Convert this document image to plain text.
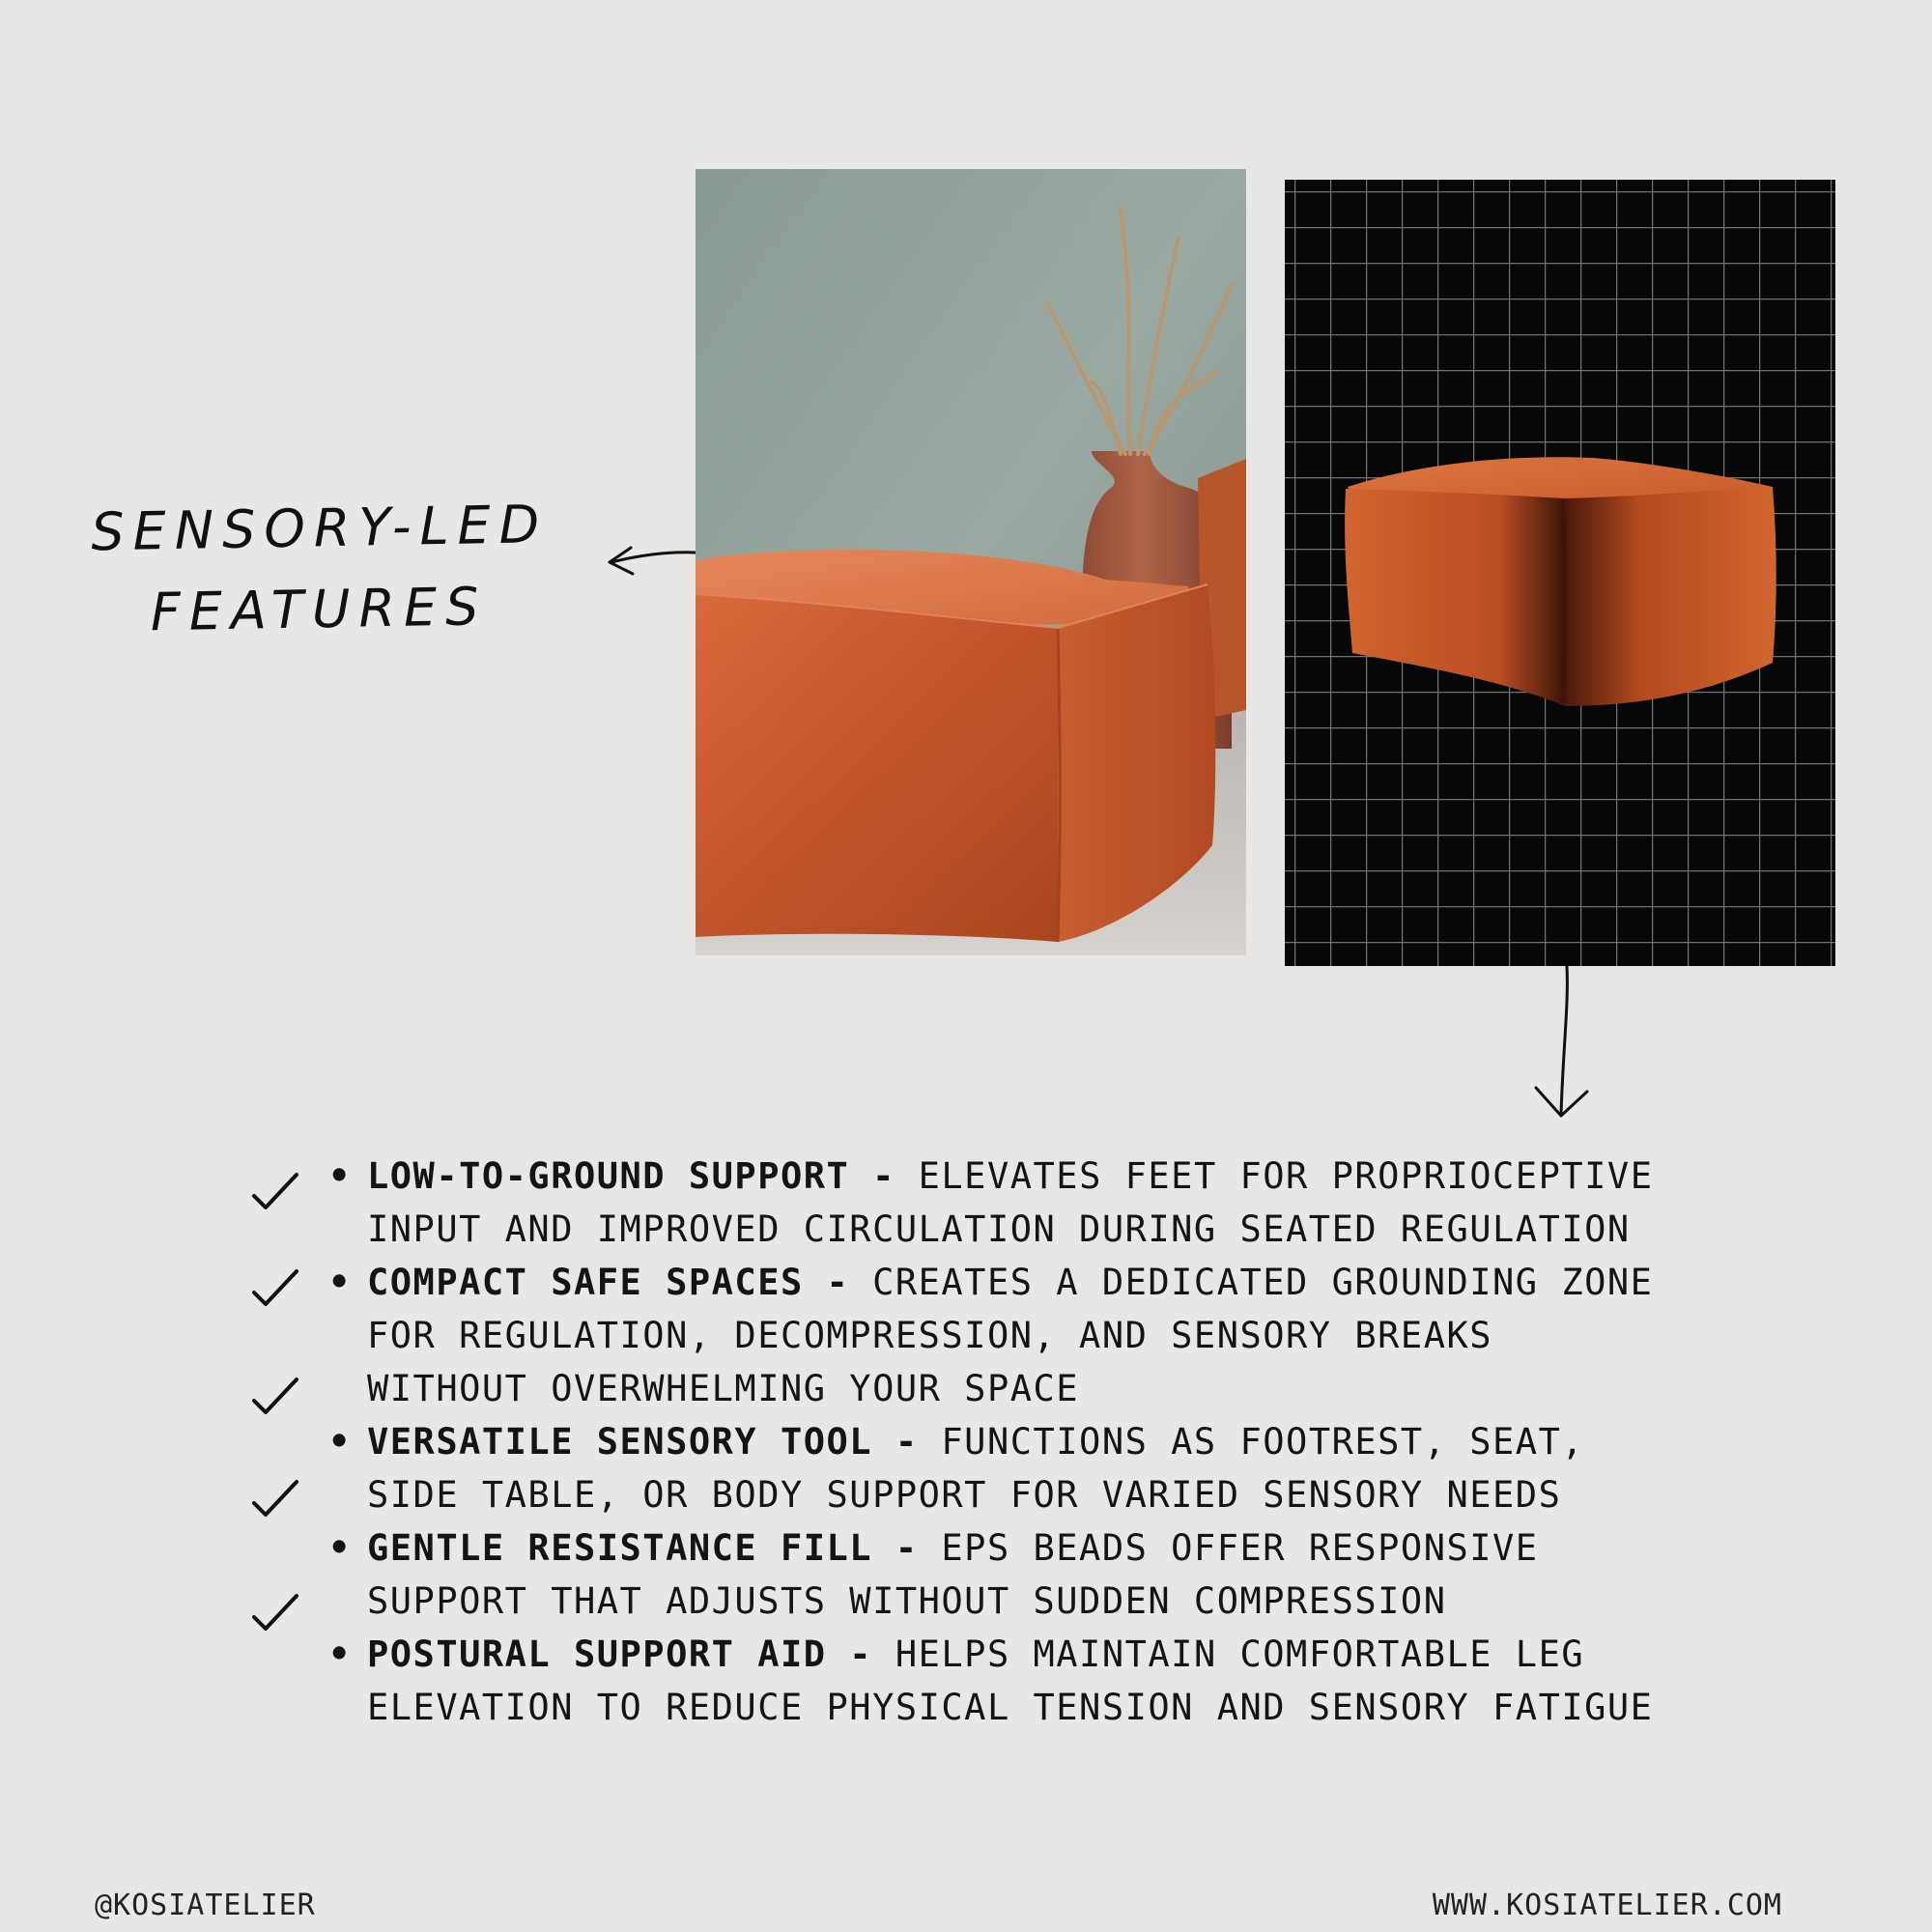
SENSORY-LED
FEATURES

• LOW-TO-GROUND SUPPORT - ELEVATES FEET FOR PROPRIOCEPTIVE
INPUT AND IMPROVED CIRCULATION DURING SEATED REGULATION

• COMPACT SAFE SPACES - CREATES A DEDICATED GROUNDING ZONE
FOR REGULATION, DECOMPRESSION, AND SENSORY BREAKS WITHOUT OVERWHELMING YOUR SPACE

• VERSATILE SENSORY TOOL - FUNCTIONS AS FOOTREST, SEAT,
SIDE TABLE, OR BODY SUPPORT FOR VARIED SENSORY NEEDS

• GENTLE RESISTANCE FILL - EPS BEADS OFFER RESPONSIVE
SUPPORT THAT ADJUSTS WITHOUT SUDDEN COMPRESSION

• POSTURAL SUPPORT AID - HELPS MAINTAIN COMFORTABLE LEG
ELEVATION TO REDUCE PHYSICAL TENSION AND SENSORY FATIGUE

@KOSIATELIER	WWW.KOSIATELIER.COM
